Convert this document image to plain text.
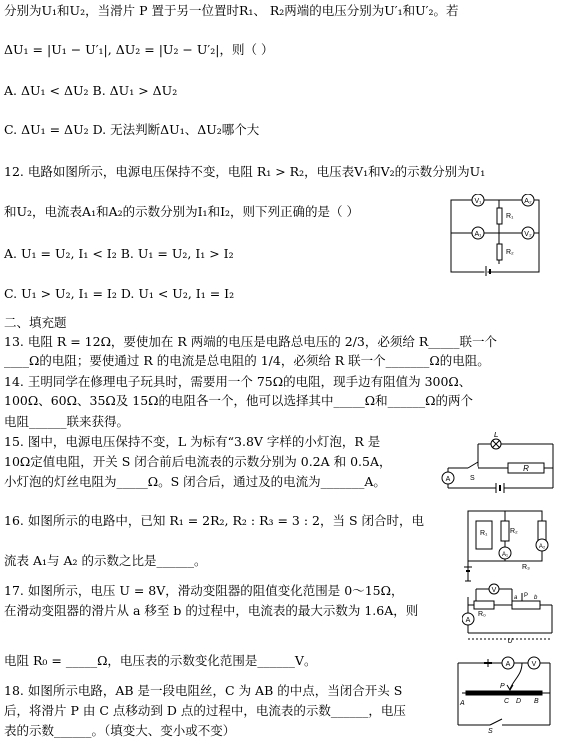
分别为U₁和U₂，当滑片 P 置于另一位置时R₁、 R₂两端的电压分别为U′₁和U′₂。若
ΔU₁ = |U₁ − U′₁|, ΔU₂ = |U₂ − U′₂|，则（ ）
A. ΔU₁ < ΔU₂ B. ΔU₁ > ΔU₂
C. ΔU₁ = ΔU₂ D. 无法判断ΔU₁、ΔU₂哪个大
12. 电路如图所示，电源电压保持不变，电阻 R₁ > R₂，电压表V₁和V₂的示数分别为U₁
和U₂，电流表A₁和A₂的示数分别为I₁和I₂，则下列正确的是（ ）
A. U₁ = U₂, I₁ < I₂ B. U₁ = U₂, I₁ > I₂
C. U₁ > U₂, I₁ = I₂ D. U₁ < U₂, I₁ = I₂
二、填充题
13. 电阻 R = 12Ω，要使加在 R 两端的电压是电路总电压的 2/3，必须给 R_____联一个
____Ω的电阻；要使通过 R 的电流是总电阻的 1/4，必须给 R 联一个_______Ω的电阻。
14. 王明同学在修理电子玩具时，需要用一个 75Ω的电阻，现手边有阻值为 300Ω、
100Ω、60Ω、35Ω及 15Ω的电阻各一个，他可以选择其中_____Ω和______Ω的两个
电阻______联来获得。
15. 图中，电源电压保持不变，L 为标有“3.8V 字样的小灯泡，R 是
10Ω定值电阻，开关 S 闭合前后电流表的示数分别为 0.2A 和 0.5A，
小灯泡的灯丝电阻为_____Ω。S 闭合后，通过及的电流为_______A。
16. 如图所示的电路中，已知 R₁ = 2R₂, R₂ : R₃ = 3 : 2，当 S 闭合时，电
流表 A₁与 A₂ 的示数之比是______。
17. 如图所示，电压 U = 8V，滑动变阻器的阻值变化范围是 0～15Ω，
在滑动变阻器的滑片从 a 移至 b 的过程中，电流表的最大示数为 1.6A，则
电阻 R₀ = _____Ω，电压表的示数变化范围是______V。
18. 如图所示电路，AB 是一段电阻丝，C 为 AB 的中点，当闭合开头 S
后，将滑片 P 由 C 点移动到 D 点的过程中，电流表的示数______，电压
表的示数______。（填变大、变小或不变）
V₁	A₂
R₁
A₁	V₂
R₂
L
R
S
A
R₁	R₂
R₃
A₁
A₂
V
R₀
a P b
A
U
A	V
A
P
C D B
S
